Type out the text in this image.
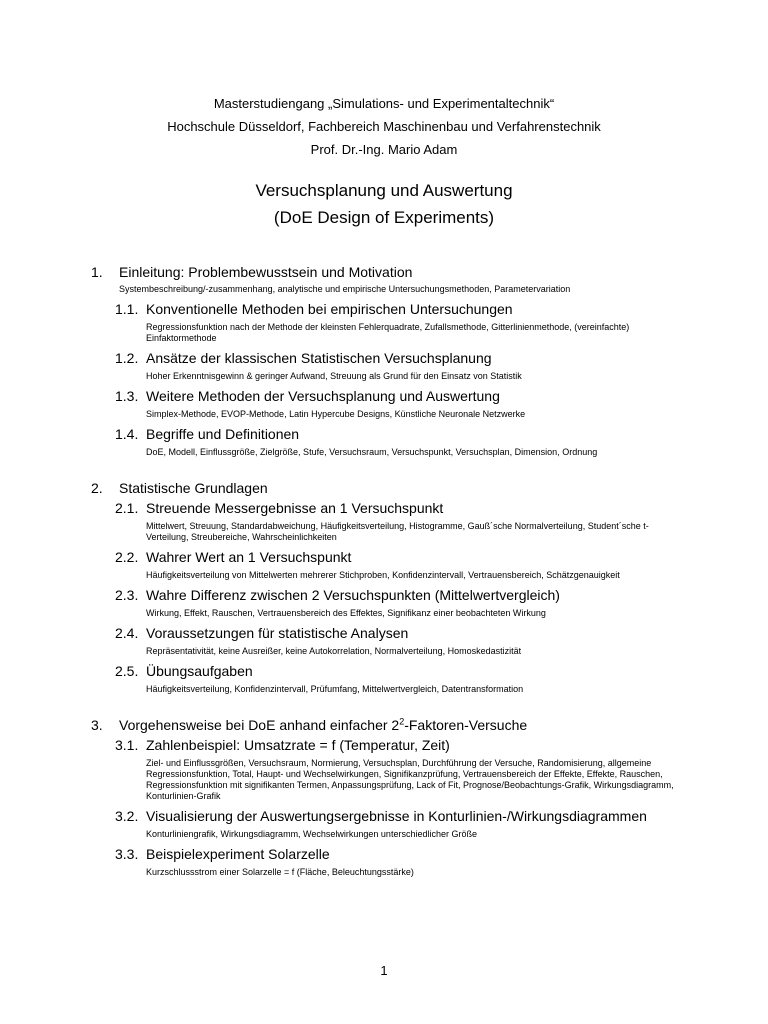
Masterstudiengang „Simulations- und Experimentaltechnik“
Hochschule Düsseldorf, Fachbereich Maschinenbau und Verfahrenstechnik
Prof. Dr.-Ing. Mario Adam
Versuchsplanung und Auswertung
(DoE Design of Experiments)
1. Einleitung: Problembewusstsein und Motivation
Systembeschreibung/-zusammenhang, analytische und empirische Untersuchungsmethoden, Parametervariation
1.1. Konventionelle Methoden bei empirischen Untersuchungen
Regressionsfunktion nach der Methode der kleinsten Fehlerquadrate, Zufallsmethode, Gitterlinienmethode, (vereinfachte) Einfaktormethode
1.2. Ansätze der klassischen Statistischen Versuchsplanung
Hoher Erkenntnisgewinn & geringer Aufwand, Streuung als Grund für den Einsatz von Statistik
1.3. Weitere Methoden der Versuchsplanung und Auswertung
Simplex-Methode, EVOP-Methode, Latin Hypercube Designs, Künstliche Neuronale Netzwerke
1.4. Begriffe und Definitionen
DoE, Modell, Einflussgröße, Zielgröße, Stufe, Versuchsraum, Versuchspunkt, Versuchsplan, Dimension, Ordnung
2. Statistische Grundlagen
2.1. Streuende Messergebnisse an 1 Versuchspunkt
Mittelwert, Streuung, Standardabweichung, Häufigkeitsverteilung, Histogramme, Gauß´sche Normalverteilung, Student´sche t-Verteilung, Streubereiche, Wahrscheinlichkeiten
2.2. Wahrer Wert an 1 Versuchspunkt
Häufigkeitsverteilung von Mittelwerten mehrerer Stichproben, Konfidenzintervall, Vertrauensbereich, Schätzgenauigkeit
2.3. Wahre Differenz zwischen 2 Versuchspunkten (Mittelwertvergleich)
Wirkung, Effekt, Rauschen, Vertrauensbereich des Effektes, Signifikanz einer beobachteten Wirkung
2.4. Voraussetzungen für statistische Analysen
Repräsentativität, keine Ausreißer, keine Autokorrelation, Normalverteilung, Homoskedastizität
2.5. Übungsaufgaben
Häufigkeitsverteilung, Konfidenzintervall, Prüfumfang, Mittelwertvergleich, Datentransformation
3. Vorgehensweise bei DoE anhand einfacher $2^2-Faktoren$-Versuche
3.1. Zahlenbeispiel: Umsatzrate = f (Temperatur, Zeit)
Ziel- und Einflussgrößen, Versuchsraum, Normierung, Versuchsplan, Durchführung der Versuche, Randomisierung, allgemeine Regressionsfunktion, Total, Haupt- und Wechselwirkungen, Signifikanzprüfung, Vertrauensbereich der Effekte, Effekte, Rauschen, Regressionsfunktion mit signifikanten Termen, Anpassungsprüfung, Lack of Fit, Prognose/Beobachtungs-Grafik, Wirkungsdiagramm, Konturlinien-Grafik
3.2. Visualisierung der Auswertungsergebnisse in Konturlinien-/Wirkungsdiagrammen
Konturliniengrafik, Wirkungsdiagramm, Wechselwirkungen unterschiedlicher Größe
3.3. Beispielexperiment Solarzelle
Kurzschlussstrom einer Solarzelle = f (Fläche, Beleuchtungsstärke)
1
